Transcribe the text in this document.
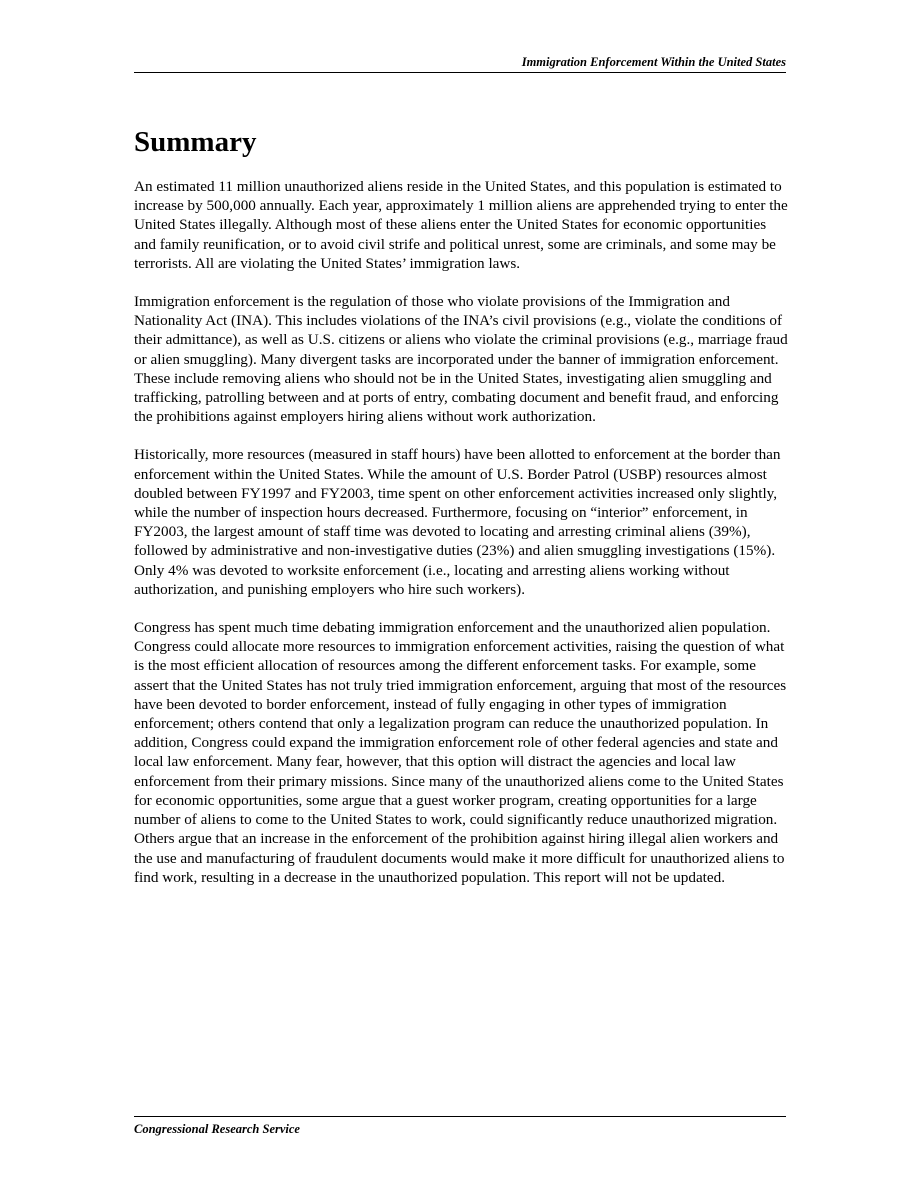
Immigration Enforcement Within the United States
Summary

An estimated 11 million unauthorized aliens reside in the United States, and this population is estimated to increase by 500,000 annually. Each year, approximately 1 million aliens are apprehended trying to enter the United States illegally. Although most of these aliens enter the United States for economic opportunities and family reunification, or to avoid civil strife and political unrest, some are criminals, and some may be terrorists. All are violating the United States’ immigration laws.

Immigration enforcement is the regulation of those who violate provisions of the Immigration and Nationality Act (INA). This includes violations of the INA’s civil provisions (e.g., violate the conditions of their admittance), as well as U.S. citizens or aliens who violate the criminal provisions (e.g., marriage fraud or alien smuggling). Many divergent tasks are incorporated under the banner of immigration enforcement. These include removing aliens who should not be in the United States, investigating alien smuggling and trafficking, patrolling between and at ports of entry, combating document and benefit fraud, and enforcing the prohibitions against employers hiring aliens without work authorization.

Historically, more resources (measured in staff hours) have been allotted to enforcement at the border than enforcement within the United States. While the amount of U.S. Border Patrol (USBP) resources almost doubled between FY1997 and FY2003, time spent on other enforcement activities increased only slightly, while the number of inspection hours decreased. Furthermore, focusing on “interior” enforcement, in FY2003, the largest amount of staff time was devoted to locating and arresting criminal aliens (39%), followed by administrative and non-investigative duties (23%) and alien smuggling investigations (15%). Only 4% was devoted to worksite enforcement (i.e., locating and arresting aliens working without authorization, and punishing employers who hire such workers).

Congress has spent much time debating immigration enforcement and the unauthorized alien population. Congress could allocate more resources to immigration enforcement activities, raising the question of what is the most efficient allocation of resources among the different enforcement tasks. For example, some assert that the United States has not truly tried immigration enforcement, arguing that most of the resources have been devoted to border enforcement, instead of fully engaging in other types of immigration enforcement; others contend that only a legalization program can reduce the unauthorized population. In addition, Congress could expand the immigration enforcement role of other federal agencies and state and local law enforcement. Many fear, however, that this option will distract the agencies and local law enforcement from their primary missions. Since many of the unauthorized aliens come to the United States for economic opportunities, some argue that a guest worker program, creating opportunities for a large number of aliens to come to the United States to work, could significantly reduce unauthorized migration. Others argue that an increase in the enforcement of the prohibition against hiring illegal alien workers and the use and manufacturing of fraudulent documents would make it more difficult for unauthorized aliens to find work, resulting in a decrease in the unauthorized population. This report will not be updated.

Congressional Research Service
